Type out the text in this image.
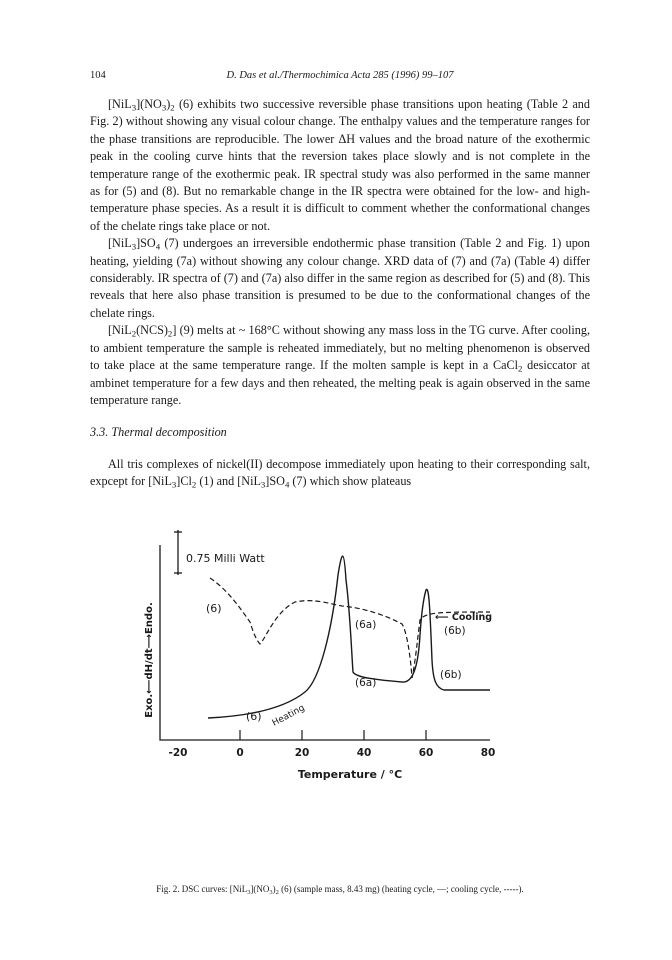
104	D. Das et al./Thermochimica Acta 285 (1996) 99–107

$[NiL_3](NO_3)_2$ (6) exhibits two successive reversible phase transitions upon heating (Table 2 and Fig. 2) without showing any visual colour change. The enthalpy values and the temperature ranges for the phase transitions are reproducible. The lower ΔH values and the broad nature of the exothermic peak in the cooling curve hints that the reversion takes place slowly and is not complete in the temperature range of the exothermic peak. IR spectral study was also performed in the same manner as for (5) and (8). But no remarkable change in the IR spectra were obtained for the low- and high-temperature phase species. As a result it is difficult to comment whether the conformational changes of the chelate rings take place or not.

$[NiL_3]SO_4$ (7) undergoes an irreversible endothermic phase transition (Table 2 and Fig. 1) upon heating, yielding (7a) without showing any colour change. XRD data of (7) and (7a) (Table 4) differ considerably. IR spectra of (7) and (7a) also differ in the same region as described for (5) and (8). This reveals that here also phase transition is presumed to be due to the conformational changes of the chelate rings.

$[NiL_2(NCS)_2]$ (9) melts at ~ 168°C without showing any mass loss in the TG curve. After cooling, to ambient temperature the sample is reheated immediately, but no melting phenomenon is observed to take place at the same temperature range. If the molten sample is kept in a CaCl$_2$ desiccator at ambinet temperature for a few days and then reheated, the melting peak is again observed in the same temperature range.

3.3. Thermal decomposition

All tris complexes of nickel(II) decompose immediately upon heating to their corresponding salt, expcept for $[NiL_3]Cl_2$ (1) and $[NiL_3]SO_4$ (7) which show plateaus

0.75 Milli Watt
Exo.⟵dH/dt⟶Endo.	(6)
(6) Heating
(6a)
(6a)
⟵ Cooling
(6b)
(6b)
-20	0	20	40	60	80
Temperature / °C
Fig. 2. DSC curves: $[NiL_3](NO_3)_2$ (6) (sample mass, 8.43 mg) (heating cycle, —; cooling cycle, -----).
